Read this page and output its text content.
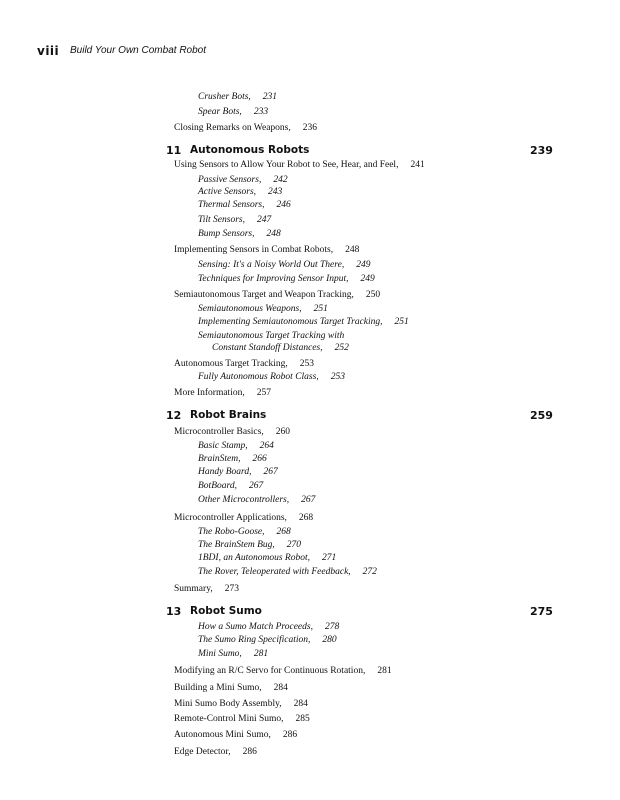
viii Build Your Own Combat Robot
Crusher Bots, 231
Spear Bots, 233
Closing Remarks on Weapons, 236
11 Autonomous Robots	239
Using Sensors to Allow Your Robot to See, Hear, and Feel, 241
Passive Sensors, 242
Active Sensors, 243
Thermal Sensors, 246
Tilt Sensors, 247
Bump Sensors, 248
Implementing Sensors in Combat Robots, 248
Sensing: It's a Noisy World Out There, 249
Techniques for Improving Sensor Input, 249
Semiautonomous Target and Weapon Tracking, 250
Semiautonomous Weapons, 251
Implementing Semiautonomous Target Tracking, 251
Semiautonomous Target Tracking with
Constant Standoff Distances, 252
Autonomous Target Tracking, 253
Fully Autonomous Robot Class, 253
More Information, 257
12 Robot Brains	259
Microcontroller Basics, 260
Basic Stamp, 264
BrainStem, 266
Handy Board, 267
BotBoard, 267
Other Microcontrollers, 267
Microcontroller Applications, 268
The Robo-Goose, 268
The BrainStem Bug, 270
1BDI, an Autonomous Robot, 271
The Rover, Teleoperated with Feedback, 272
Summary, 273
13 Robot Sumo	275
How a Sumo Match Proceeds, 278
The Sumo Ring Specification, 280
Mini Sumo, 281
Modifying an R/C Servo for Continuous Rotation, 281
Building a Mini Sumo, 284
Mini Sumo Body Assembly, 284
Remote-Control Mini Sumo, 285
Autonomous Mini Sumo, 286
Edge Detector, 286
